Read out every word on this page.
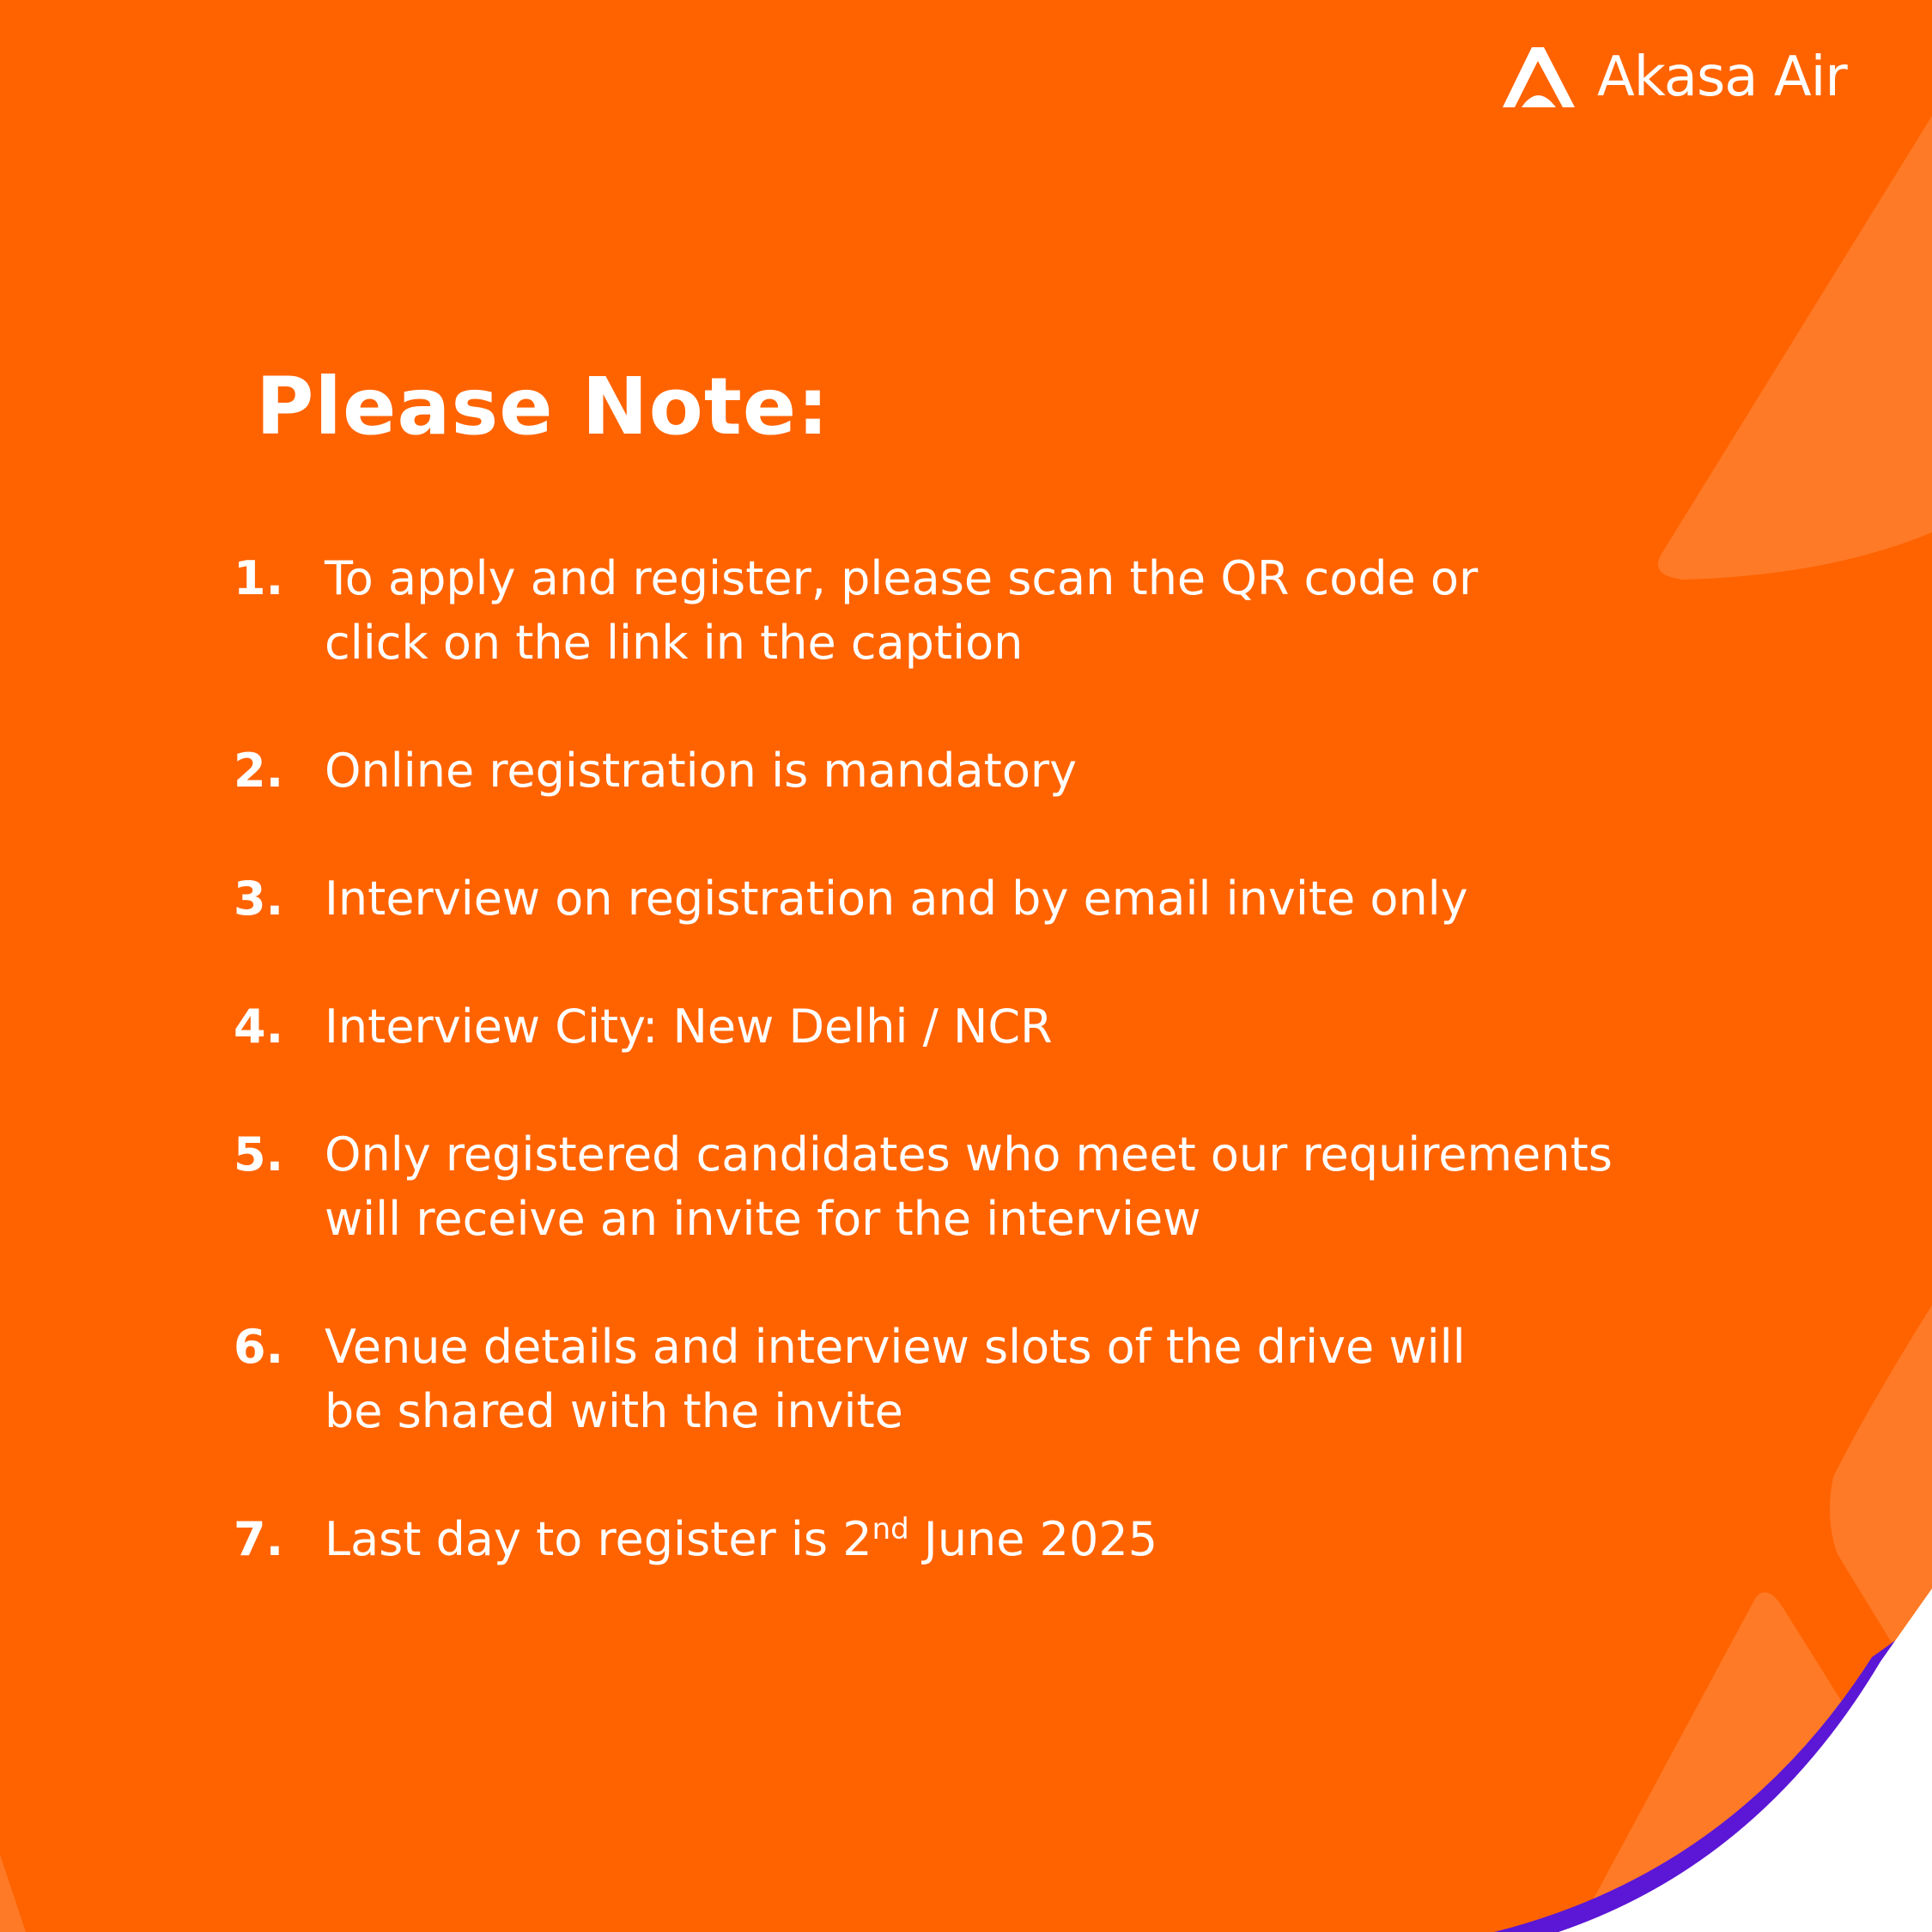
Akasa Air
Please Note:
1. To apply and register, please scan the QR code or
click on the link in the caption
2. Online registration is mandatory
3. Interview on registration and by email invite only
4. Interview City: New Delhi / NCR
5. Only registered candidates who meet our requirements
will receive an invite for the interview
6. Venue details and interview slots of the drive will
be shared with the invite
7. Last day to register is 2nd June 2025
